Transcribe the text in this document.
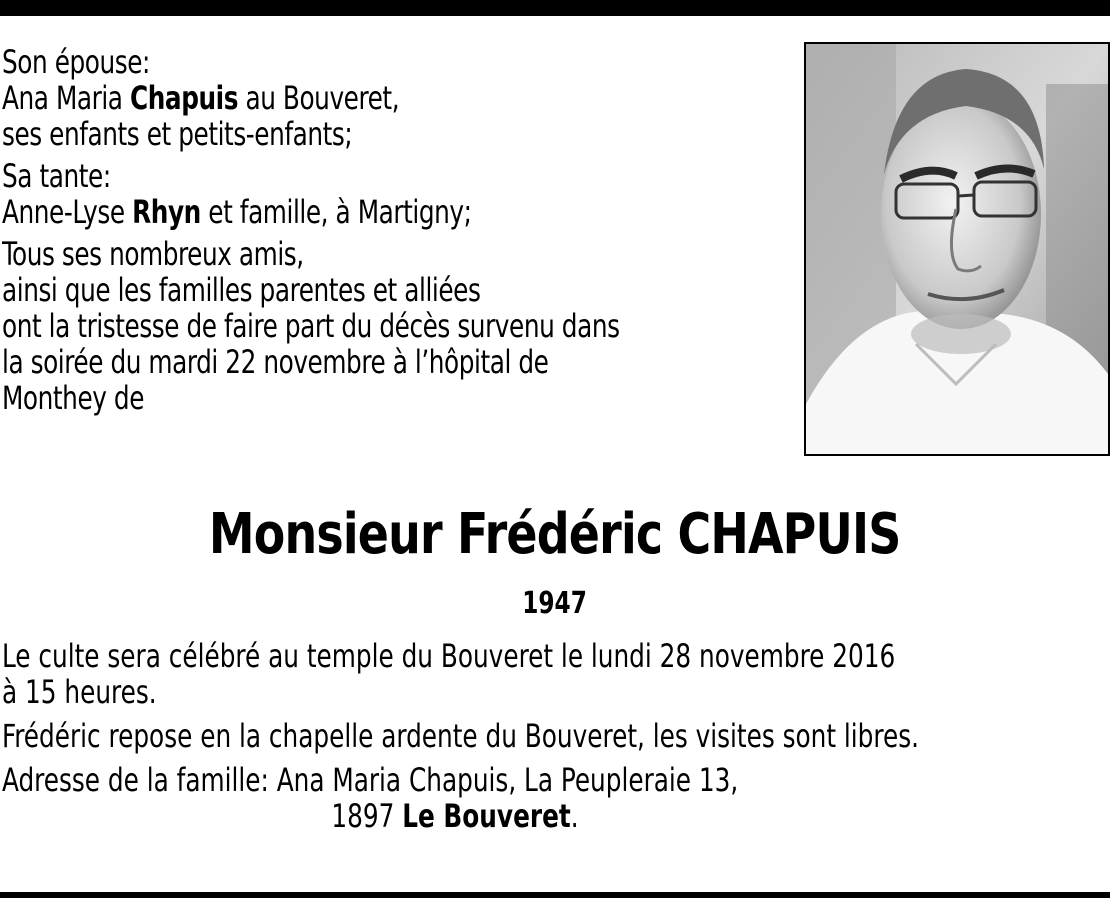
Son épouse:
Ana Maria Chapuis au Bouveret,
ses enfants et petits-enfants;

Sa tante:
Anne-Lyse Rhyn et famille, à Martigny;

Tous ses nombreux amis,
ainsi que les familles parentes et alliées
ont la tristesse de faire part du décès survenu dans
la soirée du mardi 22 novembre à l’hôpital de
Monthey de

Monsieur Frédéric CHAPUIS
1947

Le culte sera célébré au temple du Bouveret le lundi 28 novembre 2016
à 15 heures.

Frédéric repose en la chapelle ardente du Bouveret, les visites sont libres.

Adresse de la famille: Ana Maria Chapuis, La Peupleraie 13,
1897 Le Bouveret.
